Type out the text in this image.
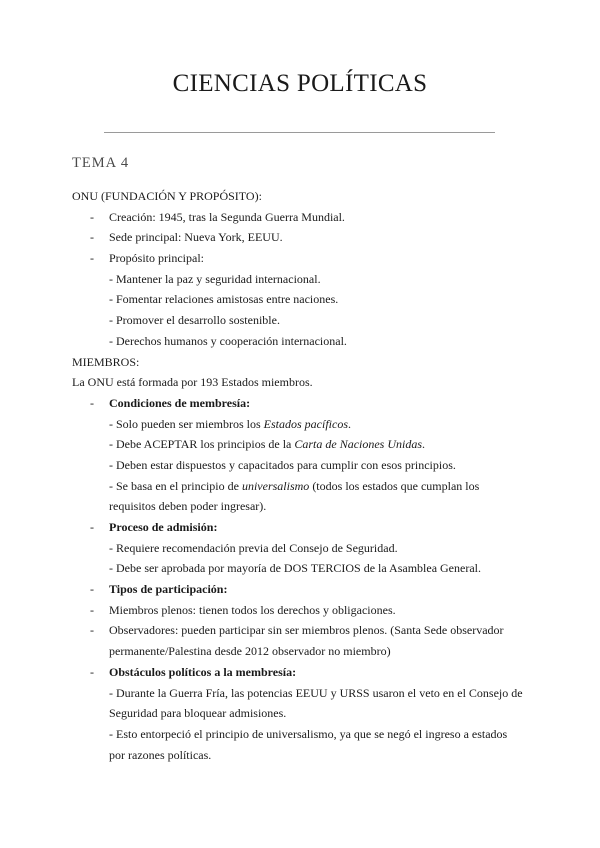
CIENCIAS POLÍTICAS
TEMA 4
ONU (FUNDACIÓN Y PROPÓSITO):
- Creación: 1945, tras la Segunda Guerra Mundial.
- Sede principal: Nueva York, EEUU.
- Propósito principal:
- Mantener la paz y seguridad internacional.
- Fomentar relaciones amistosas entre naciones.
- Promover el desarrollo sostenible.
- Derechos humanos y cooperación internacional.
MIEMBROS:
La ONU está formada por 193 Estados miembros.
- Condiciones de membresía:
- Solo pueden ser miembros los Estados pacíficos.
- Debe ACEPTAR los principios de la Carta de Naciones Unidas.
- Deben estar dispuestos y capacitados para cumplir con esos principios.
- Se basa en el principio de universalismo (todos los estados que cumplan los
requisitos deben poder ingresar).
- Proceso de admisión:
- Requiere recomendación previa del Consejo de Seguridad.
- Debe ser aprobada por mayoría de DOS TERCIOS de la Asamblea General.
- Tipos de participación:
- Miembros plenos: tienen todos los derechos y obligaciones.
- Observadores: pueden participar sin ser miembros plenos. (Santa Sede observador
permanente/Palestina desde 2012 observador no miembro)
- Obstáculos políticos a la membresía:
- Durante la Guerra Fría, las potencias EEUU y URSS usaron el veto en el Consejo de
Seguridad para bloquear admisiones.
- Esto entorpeció el principio de universalismo, ya que se negó el ingreso a estados
por razones políticas.
